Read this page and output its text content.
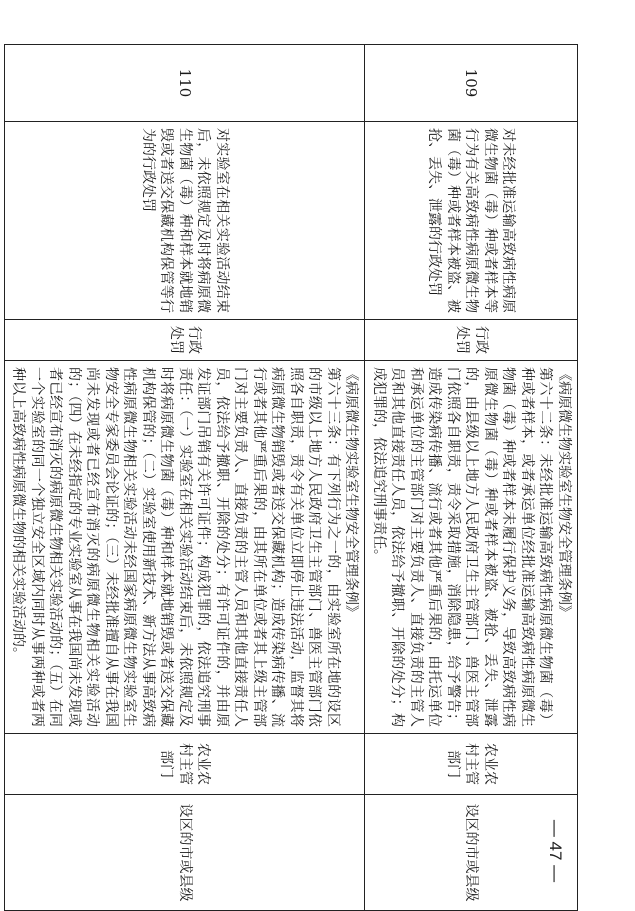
109	对未经批准运输高致病性病原微生物菌（毒）种或者样本等行为有关高致病性病原微生物菌（毒）种或者样本被盗、被抢、丢失、泄露的行政处罚	行政处罚	《病原微生物实验室生物安全管理条例》

第六十二条：未经批准运输高致病性病原微生物菌（毒）种或者样本，或者承运单位经批准运输高致病性病原微生物菌（毒）种或者样本未履行保护义务，导致高致病性病原微生物菌（毒）种或者样本被盗、被抢、丢失、泄露的，由县级以上地方人民政府卫生主管部门、兽医主管部门依照各自职责，责令采取措施，消除隐患，给予警告；造成传染病传播、流行或者其他严重后果的，由托运单位和承运单位的主管部门对主要负责人、直接负责的主管人员和其他直接责任人员，依法给予撤职、开除的处分；构成犯罪的，依法追究刑事责任。	农业农村主管部门	设区的市或县级
110	对实验室在相关实验活动结束后，未依照规定及时将病原微生物菌（毒）种和样本就地销毁或者送交保藏机构保管等行为的行政处罚	行政处罚	《病原微生物实验室生物安全管理条例》

第六十三条：有下列行为之一的，由实验室所在地的设区的市级以上地方人民政府卫生主管部门、兽医主管部门依照各自职责，责令有关单位立即停止违法活动，监督其将病原微生物销毁或者送交保藏机构；造成传染病传播、流行或者其他严重后果的，由其所在单位或者其上级主管部门对主要负责人、直接负责的主管人员和其他直接责任人员，依法给予撤职、开除的处分；有许可证件的，并由原发证部门吊销有关许可证件；构成犯罪的，依法追究刑事责任：（一）实验室在相关实验活动结束后，未依照规定及时将病原微生物菌（毒）种和样本就地销毁或者送交保藏机构保管的；（二）实验室使用新技术、新方法从事高致病性病原微生物相关实验活动未经国家病原微生物实验室生物安全专家委员会论证的；（三）未经批准擅自从事在我国尚未发现或者已经宣布消灭的病原微生物相关实验活动的；（四）在未经指定的专业实验室从事在我国尚未发现或者已经宣布消灭的病原微生物相关实验活动的；（五）在同一个实验室的同一个独立安全区域内同时从事两种或者两种以上高致病性病原微生物的相关实验活动的。	农业农村主管部门	设区的市或县级	— 47 —
